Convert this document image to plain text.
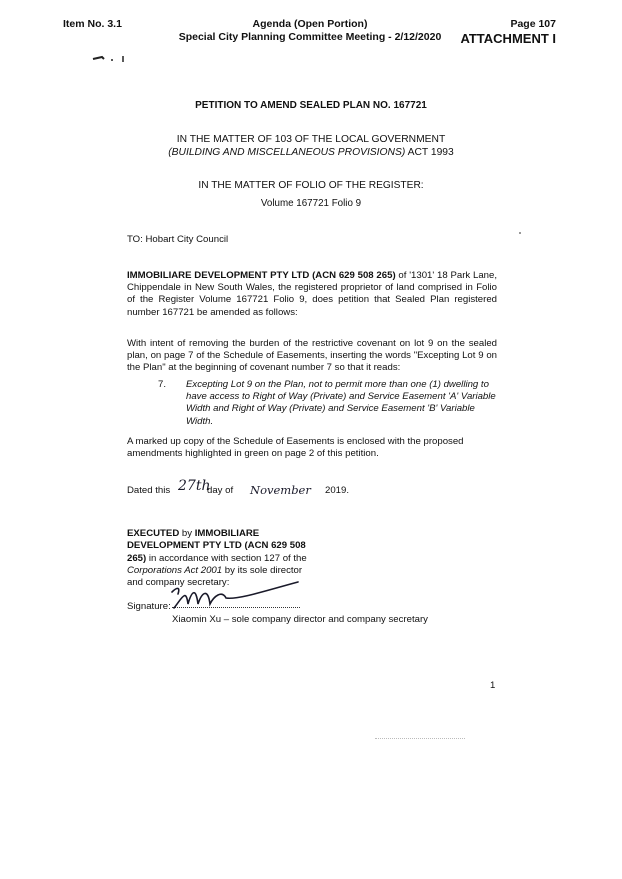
Item No. 3.1	Agenda (Open Portion)
Special City Planning Committee Meeting - 2/12/2020
Page 107
ATTACHMENT I
PETITION TO AMEND SEALED PLAN NO. 167721
IN THE MATTER OF 103 OF THE LOCAL GOVERNMENT (BUILDING AND MISCELLANEOUS PROVISIONS) ACT 1993
IN THE MATTER OF FOLIO OF THE REGISTER:
Volume 167721 Folio 9
TO: Hobart City Council
IMMOBILIARE DEVELOPMENT PTY LTD (ACN 629 508 265) of '1301' 18 Park Lane, Chippendale in New South Wales, the registered proprietor of land comprised in Folio of the Register Volume 167721 Folio 9, does petition that Sealed Plan registered number 167721 be amended as follows:
With intent of removing the burden of the restrictive covenant on lot 9 on the sealed plan, on page 7 of the Schedule of Easements, inserting the words "Excepting Lot 9 on the Plan" at the beginning of covenant number 7 so that it reads:
7. Excepting Lot 9 on the Plan, not to permit more than one (1) dwelling to have access to Right of Way (Private) and Service Easement 'A' Variable Width and Right of Way (Private) and Service Easement 'B' Variable Width.
A marked up copy of the Schedule of Easements is enclosed with the proposed amendments highlighted in green on page 2 of this petition.
Dated this 27th
day of November 2019.
EXECUTED by IMMOBILIARE DEVELOPMENT PTY LTD (ACN 629 508 265) in accordance with section 127 of the Corporations Act 2001 by its sole director and company secretary:
Signature:
Xiaomin Xu – sole company director and company secretary
1
